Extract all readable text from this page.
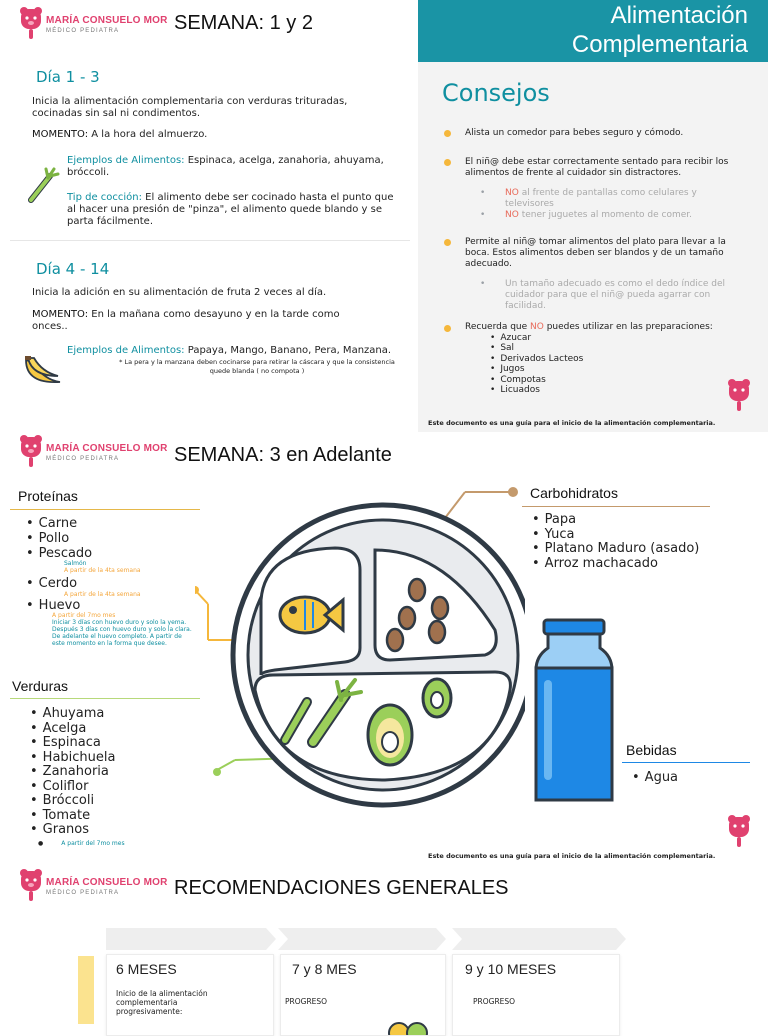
MARÍA CONSUELO MOR
MÉDICO PEDIATRA	SEMANA: 1 y 2
Día 1 - 3
Inicia la alimentación complementaria con verduras trituradas, cocinadas sin sal ni condimentos.
MOMENTO: A la hora del almuerzo.
Ejemplos de Alimentos: Espinaca, acelga, zanahoria, ahuyama, bróccoli.
Tip de cocción: El alimento debe ser cocinado hasta el punto que al hacer una presión de "pinza", el alimento quede blando y se parta fácilmente.
Día 4 - 14
Inicia la adición en su alimentación de fruta 2 veces al día.
MOMENTO: En la mañana como desayuno y en la tarde como onces..
Ejemplos de Alimentos: Papaya, Mango, Banano, Pera, Manzana.
* La pera y la manzana deben cocinarse para retirar la cáscara y que la consistencia quede blanda ( no compota )
Alimentación
Complementaria
Consejos
Alista un comedor para bebes seguro y cómodo.
El niñ@ debe estar correctamente sentado para recibir los alimentos de frente al cuidador sin distractores.
• NO al frente de pantallas como celulares y televisores
• NO tener juguetes al momento de comer.
Permite al niñ@ tomar alimentos del plato para llevar a la boca. Estos alimentos deben ser blandos y de un tamaño adecuado.
• Un tamaño adecuado es como el dedo índice del cuidador para que el niñ@ pueda agarrar con facilidad.
Recuerda que NO puedes utilizar en las preparaciones:
• Azucar
• Sal
• Derivados Lacteos
• Jugos
• Compotas
• Licuados
Este documento es una guía para el inicio de la alimentación complementaria.
MARÍA CONSUELO MOR
MÉDICO PEDIATRA	SEMANA: 3 en Adelante
Proteínas
• Carne
• Pollo
• Pescado
Salmón
A partir de la 4ta semana
• Cerdo
A partir de la 4ta semana
• Huevo
A partir del 7mo mes
Iniciar 3 días con huevo duro y solo la yema.
Después 3 días con huevo duro y solo la clara.
De adelante el huevo completo. A partir de este momento en la forma que desee.
Verduras
• Ahuyama
• Acelga
• Espinaca
• Habichuela
• Zanahoria
• Coliflor
• Bróccoli
• Tomate
• Granos
●	A partir del 7mo mes
Carbohidratos
• Papa
• Yuca
• Platano Maduro (asado)
• Arroz machacado
Bebidas
• Agua
Este documento es una guía para el inicio de la alimentación complementaria.
MARÍA CONSUELO MOR
MÉDICO PEDIATRA	RECOMENDACIONES GENERALES
6 MESES
Inicio de la alimentación complementaria progresivamente:
7 y 8 MES
PROGRESO
9 y 10 MESES
PROGRESO
